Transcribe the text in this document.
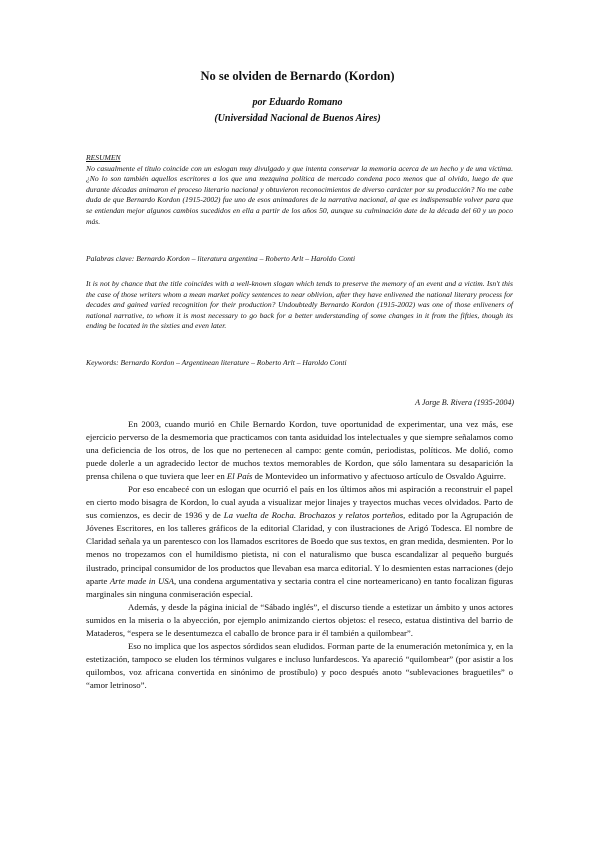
No se olviden de Bernardo (Kordon)
por Eduardo Romano
(Universidad Nacional de Buenos Aires)

RESUMEN

No casualmente el título coincide con un eslogan muy divulgado y que intenta conservar la memoria acerca de un hecho y de una víctima. ¿No lo son también aquellos escritores a los que una mezquina política de mercado condena poco menos que al olvido, luego de que durante décadas animaron el proceso literario nacional y obtuvieron reconocimientos de diverso carácter por su producción? No me cabe duda de que Bernardo Kordon (1915-2002) fue uno de esos animadores de la narrativa nacional, al que es indispensable volver para que se entiendan mejor algunos cambios sucedidos en ella a partir de los años 50, aunque su culminación date de la década del 60 y un poco más.

Palabras clave: Bernardo Kordon – literatura argentina – Roberto Arlt – Haroldo Conti
It is not by chance that the title coincides with a well-known slogan which tends to preserve the memory of an event and a victim. Isn't this the case of those writers whom a mean market policy sentences to near oblivion, after they have enlivened the national literary process for decades and gained varied recognition for their production? Undoubtedly Bernardo Kordon (1915-2002) was one of those enliveners of national narrative, to whom it is most necessary to go back for a better understanding of some changes in it from the fifties, though its ending be located in the sixties and even later.
Keywords: Bernardo Kordon – Argentinean literature – Roberto Arlt – Haroldo Conti
A Jorge B. Rivera (1935-2004)

En 2003, cuando murió en Chile Bernardo Kordon, tuve oportunidad de experimentar, una vez más, ese ejercicio perverso de la desmemoria que practicamos con tanta asiduidad los intelectuales y que siempre señalamos como una deficiencia de los otros, de los que no pertenecen al campo: gente común, periodistas, políticos. Me dolió, como puede dolerle a un agradecido lector de muchos textos memorables de Kordon, que sólo lamentara su desaparición la prensa chilena o que tuviera que leer en El País de Montevideo un informativo y afectuoso artículo de Osvaldo Aguirre.

Por eso encabecé con un eslogan que ocurrió el país en los últimos años mi aspiración a reconstruir el papel en cierto modo bisagra de Kordon, lo cual ayuda a visualizar mejor linajes y trayectos muchas veces olvidados. Parto de sus comienzos, es decir de 1936 y de La vuelta de Rocha. Brochazos y relatos porteños, editado por la Agrupación de Jóvenes Escritores, en los talleres gráficos de la editorial Claridad, y con ilustraciones de Arigó Todesca. El nombre de Claridad señala ya un parentesco con los llamados escritores de Boedo que sus textos, en gran medida, desmienten. Por lo menos no tropezamos con el humildismo pietista, ni con el naturalismo que busca escandalizar al pequeño burgués ilustrado, principal consumidor de los productos que llevaban esa marca editorial. Y lo desmienten estas narraciones (dejo aparte Arte made in USA, una condena argumentativa y sectaria contra el cine norteamericano) en tanto focalizan figuras marginales sin ninguna conmiseración especial.

Además, y desde la página inicial de “Sábado inglés”, el discurso tiende a estetizar un ámbito y unos actores sumidos en la miseria o la abyección, por ejemplo animizando ciertos objetos: el reseco, estatua distintiva del barrio de Mataderos, “espera se le desentumezca el caballo de bronce para ir él también a quilombear”.

Eso no implica que los aspectos sórdidos sean eludidos. Forman parte de la enumeración metonímica y, en la estetización, tampoco se eluden los términos vulgares e incluso lunfardescos. Ya apareció “quilombear” (por asistir a los quilombos, voz africana convertida en sinónimo de prostíbulo) y poco después anoto “sublevaciones braguetiles” o “amor letrinoso”.
